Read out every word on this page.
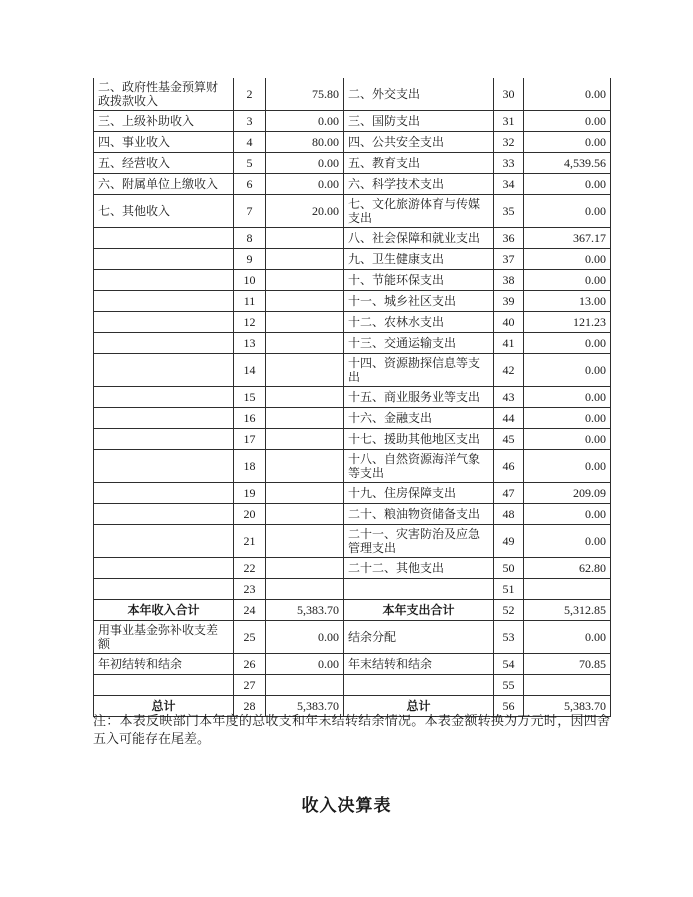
二、政府性基金预算财政拨款收入	2	75.80	二、外交支出	30	0.00
三、上级补助收入	3	0.00	三、国防支出	31	0.00
四、事业收入	4	80.00	四、公共安全支出	32	0.00
五、经营收入	5	0.00	五、教育支出	33	4,539.56
六、附属单位上缴收入	6	0.00	六、科学技术支出	34	0.00
七、其他收入	7	20.00	七、文化旅游体育与传媒支出	35	0.00
	8		八、社会保障和就业支出	36	367.17
	9		九、卫生健康支出	37	0.00
	10		十、节能环保支出	38	0.00
	11		十一、城乡社区支出	39	13.00
	12		十二、农林水支出	40	121.23
	13		十三、交通运输支出	41	0.00
	14		十四、资源勘探信息等支出	42	0.00
	15		十五、商业服务业等支出	43	0.00
	16		十六、金融支出	44	0.00
	17		十七、援助其他地区支出	45	0.00
	18		十八、自然资源海洋气象等支出	46	0.00
	19		十九、住房保障支出	47	209.09
	20		二十、粮油物资储备支出	48	0.00
	21		二十一、灾害防治及应急管理支出	49	0.00
	22		二十二、其他支出	50	62.80
	23			51	
本年收入合计	24	5,383.70	本年支出合计	52	5,312.85
用事业基金弥补收支差额	25	0.00	结余分配	53	0.00
年初结转和结余	26	0.00	年末结转和结余	54	70.85
	27			55	
总计	28	5,383.70	总计	56	5,383.70
注：本表反映部门本年度的总收支和年末结转结余情况。本表金额转换为万元时，因四舍五入可能存在尾差。
收入决算表
